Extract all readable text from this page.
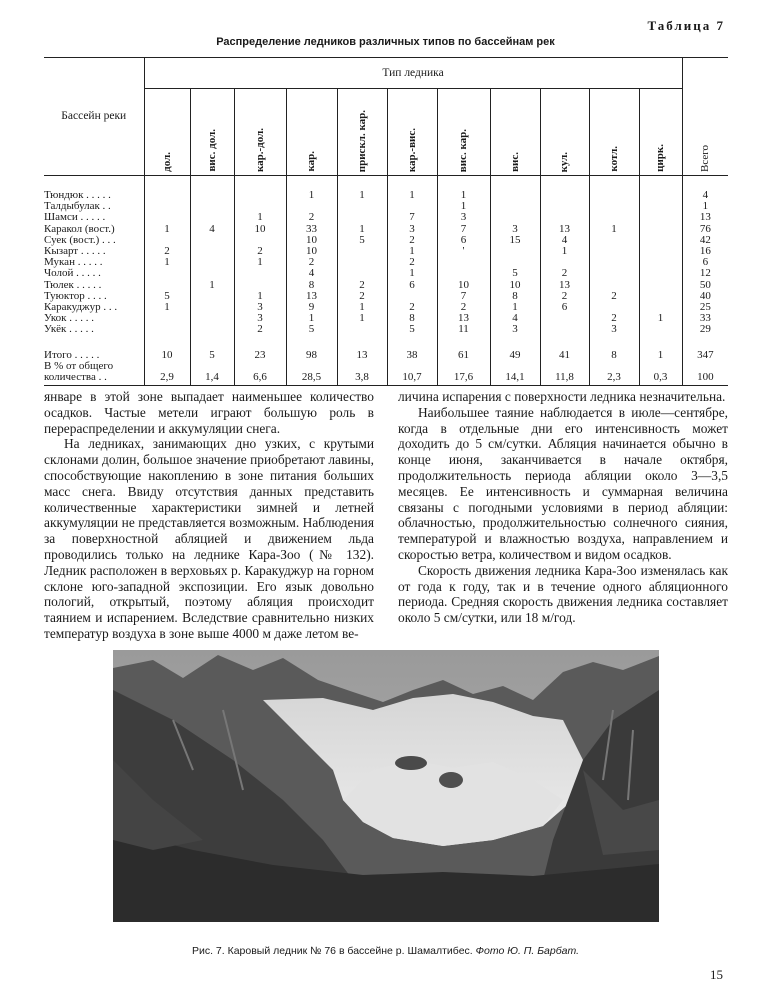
Таблица 7
Распределение ледников различных типов по бассейнам рек
Бассейн реки	Тип ледника											Всего
	дол.	вис. дол.	кар.-дол.	кар.	прискл. кар.	кар.-вис.	вис. кар.	вис.	кул.	котл.	цирк.	
Тюндюк . . . . .				1	1	1	1					4
Талдыбулак . .							1					1
Шамси . . . . .			1	2		7	3					13
Каракол (вост.)	1	4	10	33	1	3	7	3	13	1		76
Суек (вост.) . . .				10	5	2	6	15	4			42
Кызарт . . . . .	2		2	10		1	'		1			16
Мукан . . . . .	1		1	2		2						6
Чолой . . . . .				4		1		5	2			12
Тюлек . . . . .		1		8	2	6	10	10	13			50
Туюктор . . . .	5		1	13	2		7	8	2	2		40
Каракуджур . . .	1		3	9	1	2	2	1	6			25
Укок . . . . .			3	1	1	8	13	4		2	1	33
Укёк . . . . .			2	5		5	11	3		3		29

Итого . . . . .	10	5	23	98	13	38	61	49	41	8	1	347
В % от общего
количества . .	2,9	1,4	6,6	28,5	3,8	10,7	17,6	14,1	11,8	2,3	0,3	100

январе в этой зоне выпадает наименьшее количество осадков. Частые метели играют большую роль в перераспределении и аккумуляции снега.

На ледниках, занимающих дно узких, с крутыми склонами долин, большое значение приобретают лавины, способствующие накоплению в зоне питания больших масс снега. Ввиду отсутствия данных представить количественные характеристики зимней и летней аккумуляции не представляется возможным. Наблюдения за поверхностной абляцией и движением льда проводились только на леднике Кара-Зоо (№ 132). Ледник расположен в верховьях р. Каракуджур на горном склоне юго-западной экспозиции. Его язык довольно пологий, открытый, поэтому абляция происходит таянием и испарением. Вследствие сравнительно низких температур воздуха в зоне выше 4000 м даже летом ве-

личина испарения с поверхности ледника незначительна.

Наибольшее таяние наблюдается в июле—сентябре, когда в отдельные дни его интенсивность может доходить до 5 см/сутки. Абляция начинается обычно в конце июня, заканчивается в начале октября, продолжительность периода абляции около 3—3,5 месяцев. Ее интенсивность и суммарная величина связаны с погодными условиями в период абляции: облачностью, продолжительностью солнечного сияния, температурой и влажностью воздуха, направлением и скоростью ветра, количеством и видом осадков.

Скорость движения ледника Кара-Зоо изменялась как от года к году, так и в течение одного абляционного периода. Средняя скорость движения ледника составляет около 5 см/сутки, или 18 м/год.

Рис. 7. Каровый ледник № 76 в бассейне р. Шамалтибес. Фото Ю. П. Барбат.
15
